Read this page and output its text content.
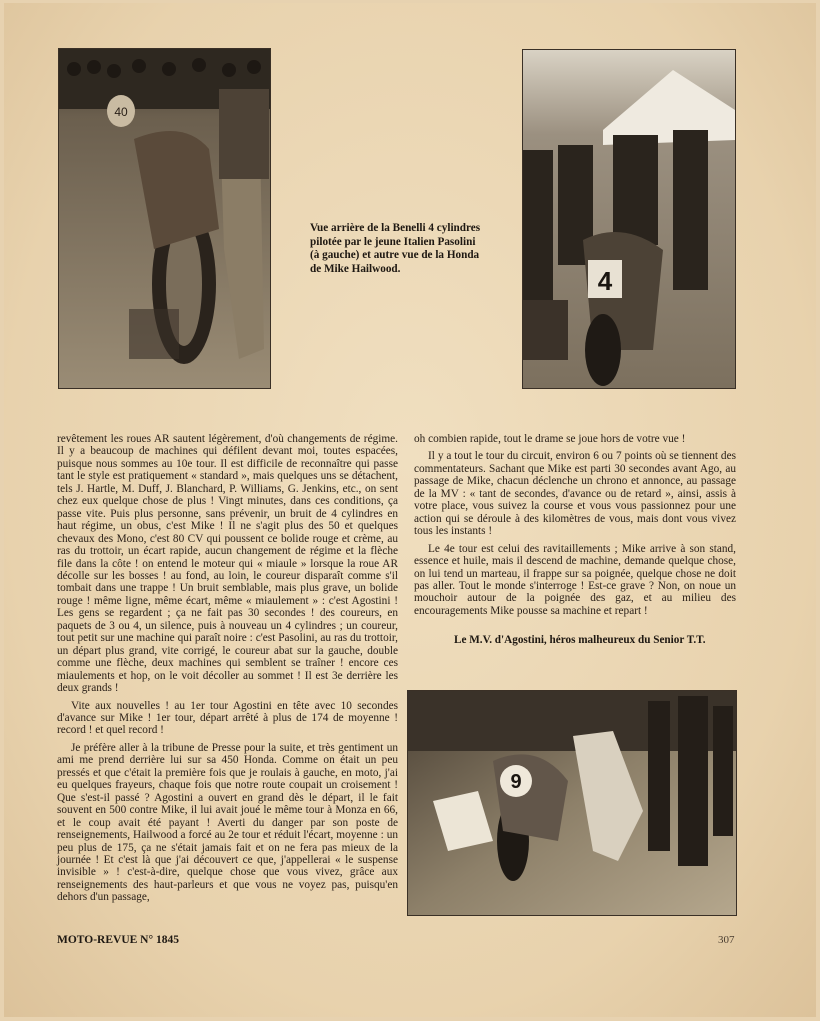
40
Vue arrière de la Benelli 4 cylindres pilotée par le jeune Italien Pasolini (à gauche) et autre vue de la Honda de Mike Hailwood.	4

revêtement les roues AR sautent légèrement, d'où changements de régime. Il y a beaucoup de machines qui défilent devant moi, toutes espacées, puisque nous sommes au 10e tour. Il est difficile de reconnaître qui passe tant le style est pratiquement « standard », mais quelques uns se détachent, tels J. Hartle, M. Duff, J. Blanchard, P. Williams, G. Jenkins, etc., on sent chez eux quelque chose de plus ! Vingt minutes, dans ces conditions, ça passe vite. Puis plus personne, sans prévenir, un bruit de 4 cylindres en haut régime, un obus, c'est Mike ! Il ne s'agit plus des 50 et quelques chevaux des Mono, c'est 80 CV qui poussent ce bolide rouge et crème, au ras du trottoir, un écart rapide, aucun changement de régime et la flèche file dans la côte ! on entend le moteur qui « miaule » lorsque la roue AR décolle sur les bosses ! au fond, au loin, le coureur disparaît comme s'il tombait dans une trappe ! Un bruit semblable, mais plus grave, un bolide rouge ! même ligne, même écart, même « miaulement » : c'est Agostini ! Les gens se regardent ; ça ne fait pas 30 secondes ! des coureurs, en paquets de 3 ou 4, un silence, puis à nouveau un 4 cylindres ; un coureur, tout petit sur une machine qui paraît noire : c'est Pasolini, au ras du trottoir, un départ plus grand, vite corrigé, le coureur abat sur la gauche, double comme une flèche, deux machines qui semblent se traîner ! encore ces miaulements et hop, on le voit décoller au sommet ! Il est 3e derrière les deux grands !

Vite aux nouvelles ! au 1er tour Agostini en tête avec 10 secondes d'avance sur Mike ! 1er tour, départ arrêté à plus de 174 de moyenne ! record ! et quel record !

Je préfère aller à la tribune de Presse pour la suite, et très gentiment un ami me prend derrière lui sur sa 450 Honda. Comme on était un peu pressés et que c'était la première fois que je roulais à gauche, en moto, j'ai eu quelques frayeurs, chaque fois que notre route coupait un croisement ! Que s'est-il passé ? Agostini a ouvert en grand dès le départ, il le fait souvent en 500 contre Mike, il lui avait joué le même tour à Monza en 66, et le coup avait été payant ! Averti du danger par son poste de renseignements, Hailwood a forcé au 2e tour et réduit l'écart, moyenne : un peu plus de 175, ça ne s'était jamais fait et on ne fera pas mieux de la journée ! Et c'est là que j'ai découvert ce que, j'appellerai « le suspense invisible » ! c'est-à-dire, quelque chose que vous vivez, grâce aux renseignements des haut-parleurs et que vous ne voyez pas, puisqu'en dehors d'un passage,

oh combien rapide, tout le drame se joue hors de votre vue !

Il y a tout le tour du circuit, environ 6 ou 7 points où se tiennent des commentateurs. Sachant que Mike est parti 30 secondes avant Ago, au passage de Mike, chacun déclenche un chrono et annonce, au passage de la MV : « tant de secondes, d'avance ou de retard », ainsi, assis à votre place, vous suivez la course et vous vous passionnez pour une action qui se déroule à des kilomètres de vous, mais dont vous vivez tous les instants !

Le 4e tour est celui des ravitaillements ; Mike arrive à son stand, essence et huile, mais il descend de machine, demande quelque chose, on lui tend un marteau, il frappe sur sa poignée, quelque chose ne doit pas aller. Tout le monde s'interroge ! Est-ce grave ? Non, on noue un mouchoir autour de la poignée des gaz, et au milieu des encouragements Mike pousse sa machine et repart !

Le M.V. d'Agostini, héros malheureux du Senior T.T.
9
MOTO-REVUE N° 1845	307
